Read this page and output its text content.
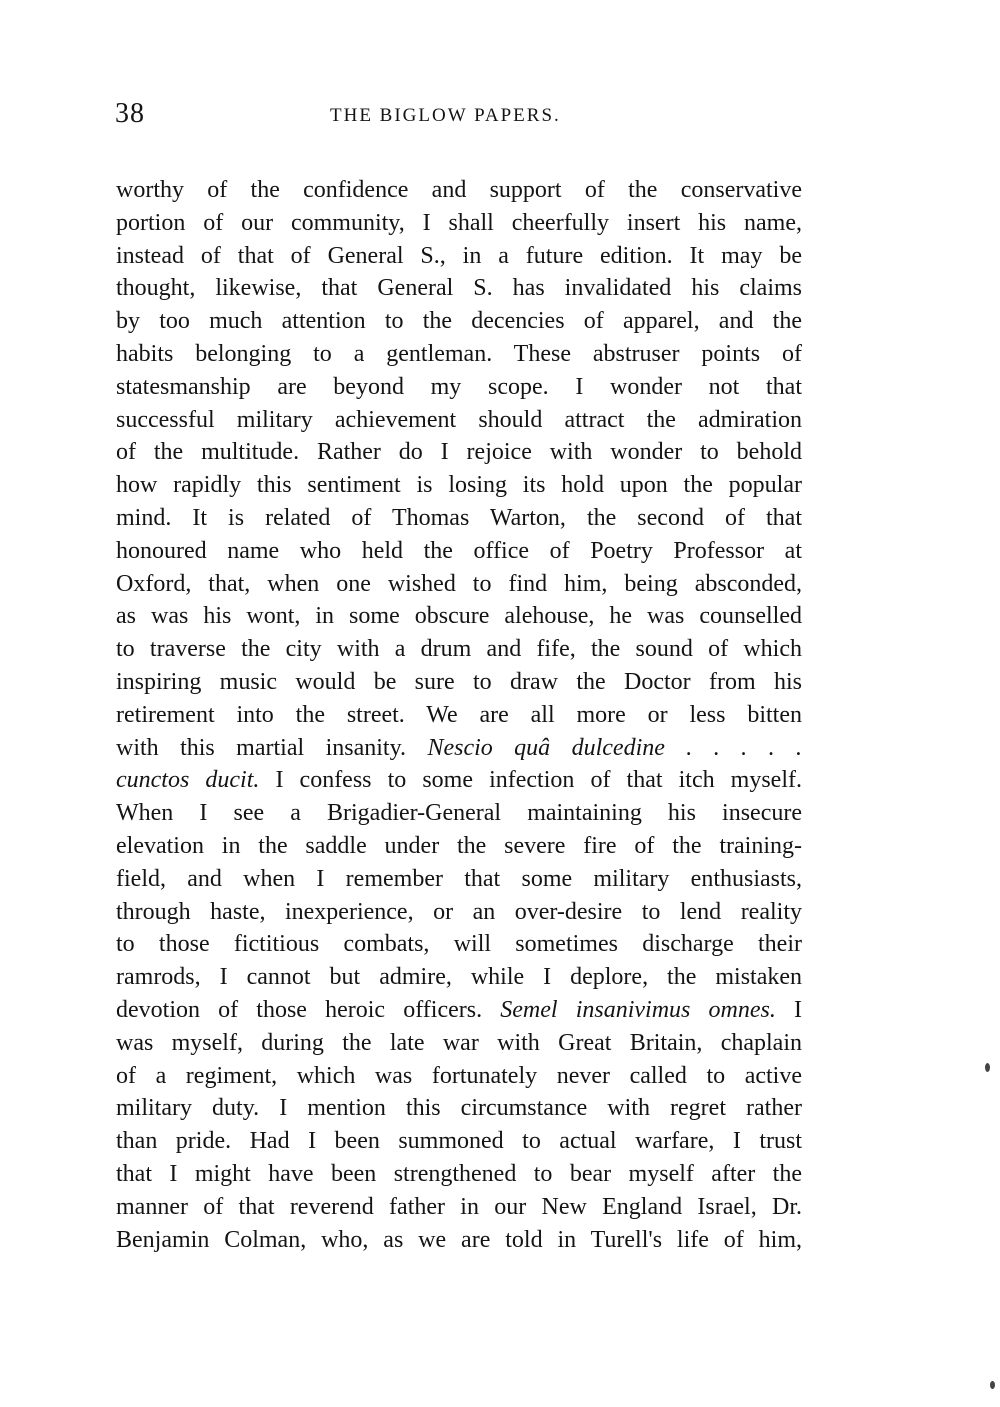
38	THE BIGLOW PAPERS.
worthy of the confidence and support of the conservative
portion of our community, I shall cheerfully insert his name,
instead of that of General S., in a future edition. It may be
thought, likewise, that General S. has invalidated his claims
by too much attention to the decencies of apparel, and the
habits belonging to a gentleman. These abstruser points of
statesmanship are beyond my scope. I wonder not that
successful military achievement should attract the admiration
of the multitude. Rather do I rejoice with wonder to behold
how rapidly this sentiment is losing its hold upon the popular
mind. It is related of Thomas Warton, the second of that
honoured name who held the office of Poetry Professor at
Oxford, that, when one wished to find him, being absconded,
as was his wont, in some obscure alehouse, he was counselled
to traverse the city with a drum and fife, the sound of which
inspiring music would be sure to draw the Doctor from his
retirement into the street. We are all more or less bitten
with this martial insanity. Nescio quâ dulcedine . . . . .
cunctos ducit. I confess to some infection of that itch myself.
When I see a Brigadier-General maintaining his insecure
elevation in the saddle under the severe fire of the training-
field, and when I remember that some military enthusiasts,
through haste, inexperience, or an over-desire to lend reality
to those fictitious combats, will sometimes discharge their
ramrods, I cannot but admire, while I deplore, the mistaken
devotion of those heroic officers. Semel insanivimus omnes. I
was myself, during the late war with Great Britain, chaplain
of a regiment, which was fortunately never called to active
military duty. I mention this circumstance with regret rather
than pride. Had I been summoned to actual warfare, I trust
that I might have been strengthened to bear myself after the
manner of that reverend father in our New England Israel, Dr.
Benjamin Colman, who, as we are told in Turell's life of him,
